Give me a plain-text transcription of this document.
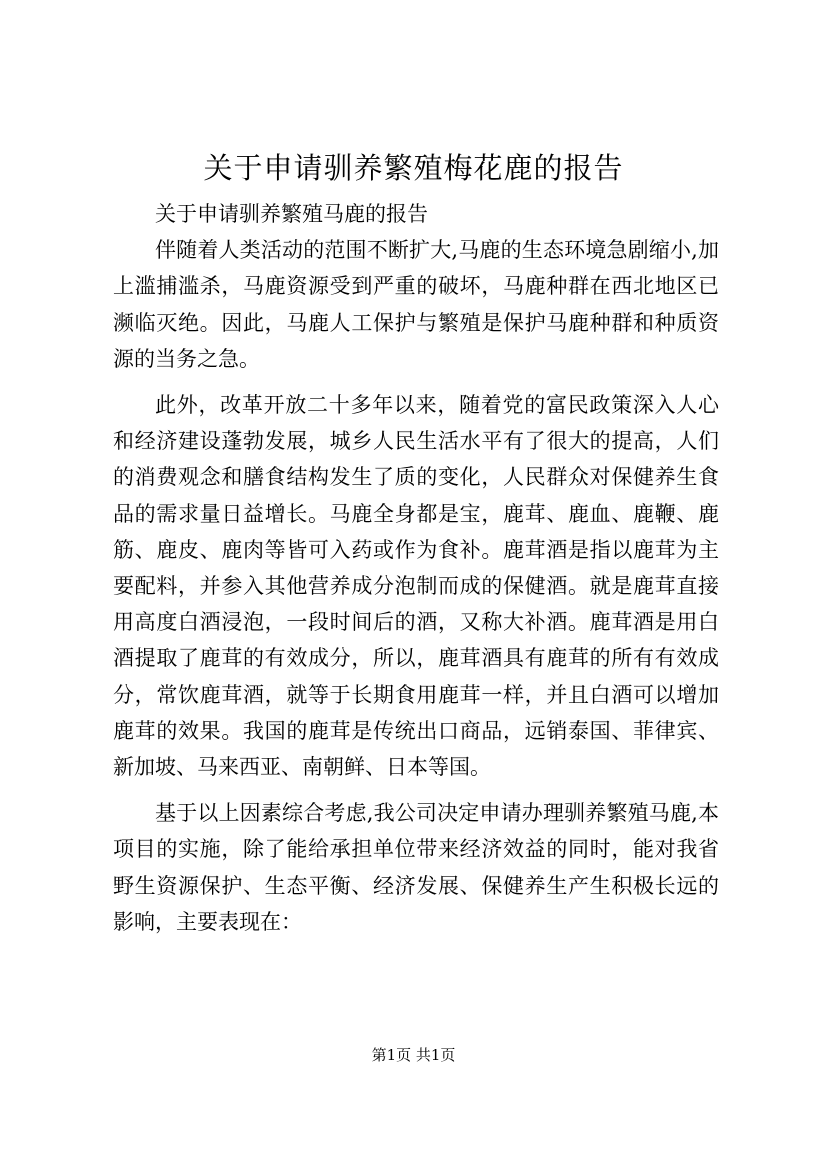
关于申请驯养繁殖梅花鹿的报告

关于申请驯养繁殖马鹿的报告

伴随着人类活动的范围不断扩大,马鹿的生态环境急剧缩小,加上滥捕滥杀，马鹿资源受到严重的破坏，马鹿种群在西北地区已濒临灭绝。因此，马鹿人工保护与繁殖是保护马鹿种群和种质资源的当务之急。

此外，改革开放二十多年以来，随着党的富民政策深入人心和经济建设蓬勃发展，城乡人民生活水平有了很大的提高，人们的消费观念和膳食结构发生了质的变化，人民群众对保健养生食品的需求量日益增长。马鹿全身都是宝，鹿茸、鹿血、鹿鞭、鹿筋、鹿皮、鹿肉等皆可入药或作为食补。鹿茸酒是指以鹿茸为主要配料，并参入其他营养成分泡制而成的保健酒。就是鹿茸直接用高度白酒浸泡，一段时间后的酒，又称大补酒。鹿茸酒是用白酒提取了鹿茸的有效成分，所以，鹿茸酒具有鹿茸的所有有效成分，常饮鹿茸酒，就等于长期食用鹿茸一样，并且白酒可以增加鹿茸的效果。我国的鹿茸是传统出口商品，远销泰国、菲律宾、新加坡、马来西亚、南朝鲜、日本等国。

基于以上因素综合考虑,我公司决定申请办理驯养繁殖马鹿,本项目的实施，除了能给承担单位带来经济效益的同时，能对我省野生资源保护、生态平衡、经济发展、保健养生产生积极长远的影响，主要表现在：

第1页 共1页
